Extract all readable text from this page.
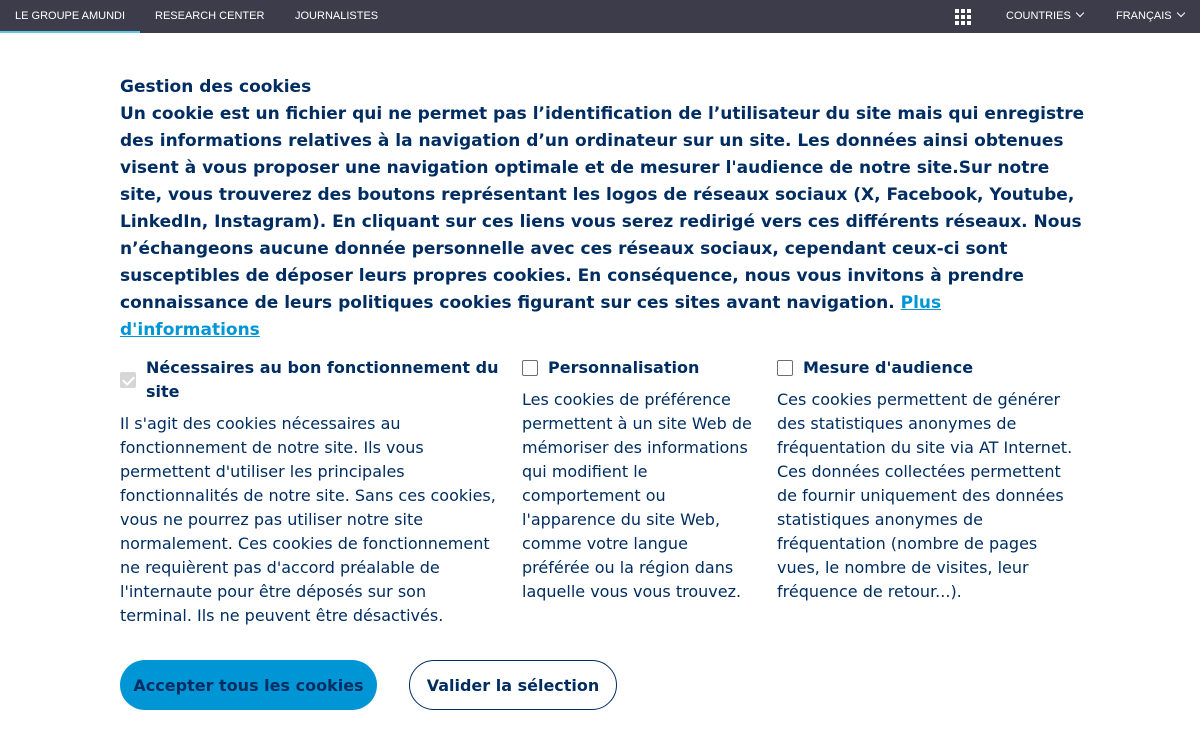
LE GROUPE AMUNDI	RESEARCH CENTER	JOURNALISTES	COUNTRIES	FRANÇAIS
Gestion des cookies

Un cookie est un fichier qui ne permet pas l’identification de l’utilisateur du site mais qui enregistre des informations relatives à la navigation d’un ordinateur sur un site. Les données ainsi obtenues visent à vous proposer une navigation optimale et de mesurer l'audience de notre site.Sur notre site, vous trouverez des boutons représentant les logos de réseaux sociaux (X, Facebook, Youtube, LinkedIn, Instagram). En cliquant sur ces liens vous serez redirigé vers ces différents réseaux. Nous n’échangeons aucune donnée personnelle avec ces réseaux sociaux, cependant ceux-ci sont susceptibles de déposer leurs propres cookies. En conséquence, nous vous invitons à prendre connaissance de leurs politiques cookies figurant sur ces sites avant navigation. Plus d'informations

Nécessaires au bon fonctionnement du site
Il s'agit des cookies nécessaires au fonctionnement de notre site. Ils vous permettent d'utiliser les principales fonctionnalités de notre site. Sans ces cookies, vous ne pourrez pas utiliser notre site normalement. Ces cookies de fonctionnement ne requièrent pas d'accord préalable de l'internaute pour être déposés sur son terminal. Ils ne peuvent être désactivés.
Personnalisation
Les cookies de préférence permettent à un site Web de mémoriser des informations qui modifient le comportement ou l'apparence du site Web, comme votre langue préférée ou la région dans laquelle vous vous trouvez.
Mesure d'audience
Ces cookies permettent de générer des statistiques anonymes de fréquentation du site via AT Internet. Ces données collectées permettent de fournir uniquement des données statistiques anonymes de fréquentation (nombre de pages vues, le nombre de visites, leur fréquence de retour...).
Accepter tous les cookies	Valider la sélection
